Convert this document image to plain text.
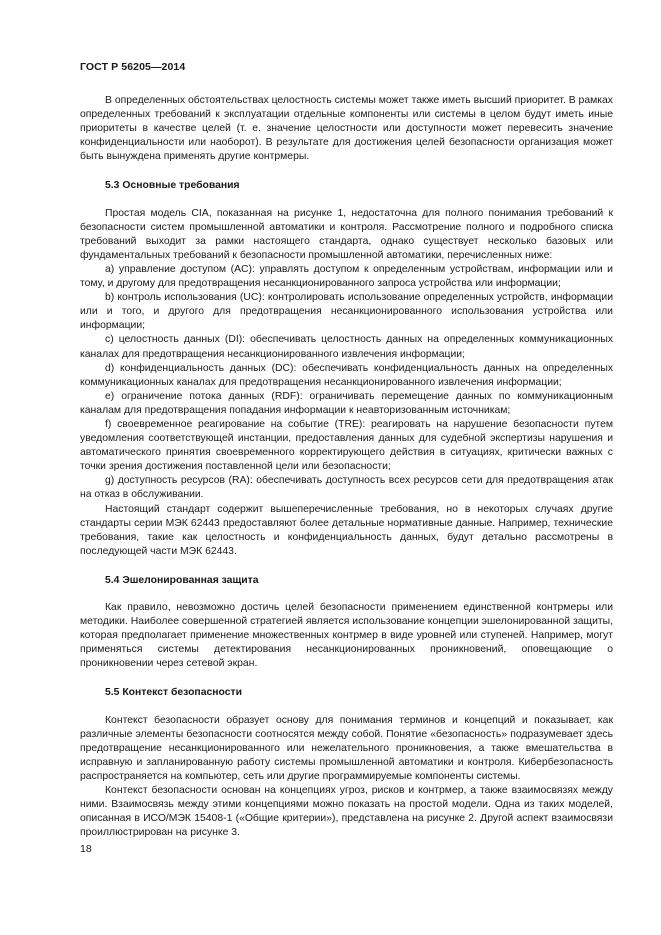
ГОСТ Р 56205—2014

В определенных обстоятельствах целостность системы может также иметь высший приоритет. В рамках определенных требований к эксплуатации отдельные компоненты или системы в целом будут иметь иные приоритеты в качестве целей (т. е. значение целостности или доступности может перевесить значение конфиденциальности или наоборот). В результате для достижения целей безопасности организация может быть вынуждена применять другие контрмеры.

5.3 Основные требования

Простая модель CIA, показанная на рисунке 1, недостаточна для полного понимания требований к безопасности систем промышленной автоматики и контроля. Рассмотрение полного и подробного списка требований выходит за рамки настоящего стандарта, однако существует несколько базовых или фундаментальных требований к безопасности промышленной автоматики, перечисленных ниже:

a) управление доступом (AC): управлять доступом к определенным устройствам, информации или и тому, и другому для предотвращения несанкционированного запроса устройства или информации;

b) контроль использования (UC): контролировать использование определенных устройств, информации или и того, и другого для предотвращения несанкционированного использования устройства или информации;

c) целостность данных (DI): обеспечивать целостность данных на определенных коммуникационных каналах для предотвращения несанкционированного извлечения информации;

d) конфиденциальность данных (DC): обеспечивать конфиденциальность данных на определенных коммуникационных каналах для предотвращения несанкционированного извлечения информации;

e) ограничение потока данных (RDF): ограничивать перемещение данных по коммуникационным каналам для предотвращения попадания информации к неавторизованным источникам;

f) своевременное реагирование на событие (TRE): реагировать на нарушение безопасности путем уведомления соответствующей инстанции, предоставления данных для судебной экспертизы нарушения и автоматического принятия своевременного корректирующего действия в ситуациях, критически важных с точки зрения достижения поставленной цели или безопасности;

g) доступность ресурсов (RA): обеспечивать доступность всех ресурсов сети для предотвращения атак на отказ в обслуживании.

Настоящий стандарт содержит вышеперечисленные требования, но в некоторых случаях другие стандарты серии МЭК 62443 предоставляют более детальные нормативные данные. Например, технические требования, такие как целостность и конфиденциальность данных, будут детально рассмотрены в последующей части МЭК 62443.

5.4 Эшелонированная защита

Как правило, невозможно достичь целей безопасности применением единственной контрмеры или методики. Наиболее совершенной стратегией является использование концепции эшелонированной защиты, которая предполагает применение множественных контрмер в виде уровней или ступеней. Например, могут применяться системы детектирования несанкционированных проникновений, оповещающие о проникновении через сетевой экран.

5.5 Контекст безопасности

Контекст безопасности образует основу для понимания терминов и концепций и показывает, как различные элементы безопасности соотносятся между собой. Понятие «безопасность» подразумевает здесь предотвращение несанкционированного или нежелательного проникновения, а также вмешательства в исправную и запланированную работу системы промышленной автоматики и контроля. Кибербезопасность распространяется на компьютер, сеть или другие программируемые компоненты системы.

Контекст безопасности основан на концепциях угроз, рисков и контрмер, а также взаимосвязях между ними. Взаимосвязь между этими концепциями можно показать на простой модели. Одна из таких моделей, описанная в ИСО/МЭК 15408-1 («Общие критерии»), представлена на рисунке 2. Другой аспект взаимосвязи проиллюстрирован на рисунке 3.

18
